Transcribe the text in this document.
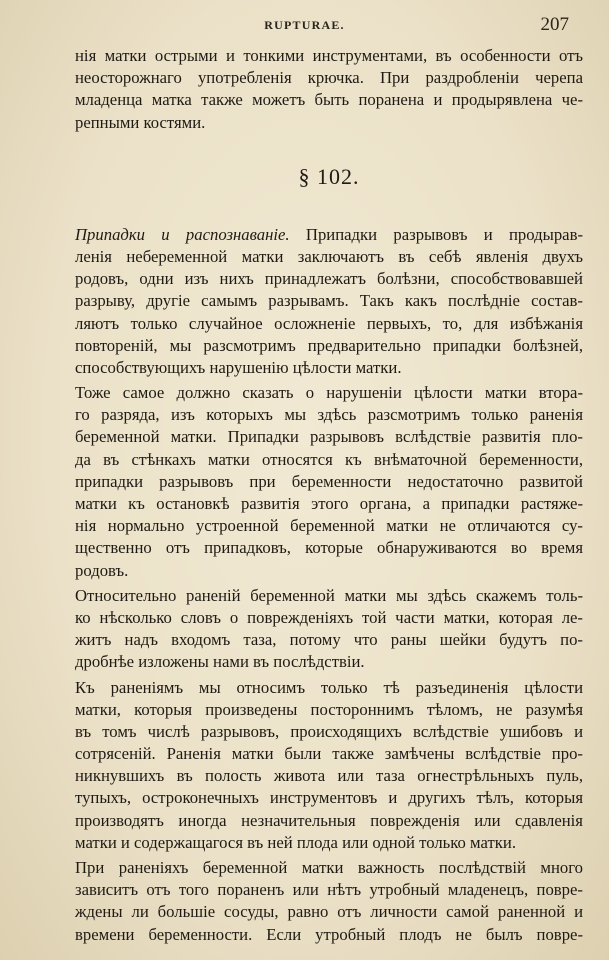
RUPTURAE.	207
нія матки острыми и тонкими инструментами, въ особенности отъ
неосторожнаго употребленія крючка. При раздробленіи черепа
младенца матка также можетъ быть поранена и продырявлена че-
репными костями.
§ 102.
Припадки и распознаваніе. Припадки разрывовъ и продырав-
ленія небеременной матки заключаютъ въ себѣ явленія двухъ
родовъ, одни изъ нихъ принадлежатъ болѣзни, способствовавшей
разрыву, другіе самымъ разрывамъ. Такъ какъ послѣдніе состав-
ляютъ только случайное осложненіе первыхъ, то, для избѣжанія
повтореній, мы разсмотримъ предварительно припадки болѣзней,
способствующихъ нарушенію цѣлости матки.
Тоже самое должно сказать о нарушеніи цѣлости матки втора-
го разряда, изъ которыхъ мы здѣсь разсмотримъ только раненія
беременной матки. Припадки разрывовъ вслѣдствіе развитія пло-
да въ стѣнкахъ матки относятся къ внѣматочной беременности,
припадки разрывовъ при беременности недостаточно развитой
матки къ остановкѣ развитія этого органа, а припадки растяже-
нія нормально устроенной беременной матки не отличаются су-
щественно отъ припадковъ, которые обнаруживаются во время
родовъ.
Относительно раненій беременной матки мы здѣсь скажемъ толь-
ко нѣсколько словъ о поврежденіяхъ той части матки, которая ле-
житъ надъ входомъ таза, потому что раны шейки будутъ по-
дробнѣе изложены нами въ послѣдствіи.
Къ раненіямъ мы относимъ только тѣ разъединенія цѣлости
матки, которыя произведены постороннимъ тѣломъ, не разумѣя
въ томъ числѣ разрывовъ, происходящихъ вслѣдствіе ушибовъ и
сотрясеній. Раненія матки были также замѣчены вслѣдствіе про-
никнувшихъ въ полость живота или таза огнестрѣльныхъ пуль,
тупыхъ, остроконечныхъ инструментовъ и другихъ тѣлъ, которыя
производятъ иногда незначительныя поврежденія или сдавленія
матки и содержащагося въ ней плода или одной только матки.
При раненіяхъ беременной матки важность послѣдствій много
зависитъ отъ того пораненъ или нѣтъ утробный младенецъ, повре-
ждены ли большіе сосуды, равно отъ личности самой раненной и
времени беременности. Если утробный плодъ не былъ повре-
